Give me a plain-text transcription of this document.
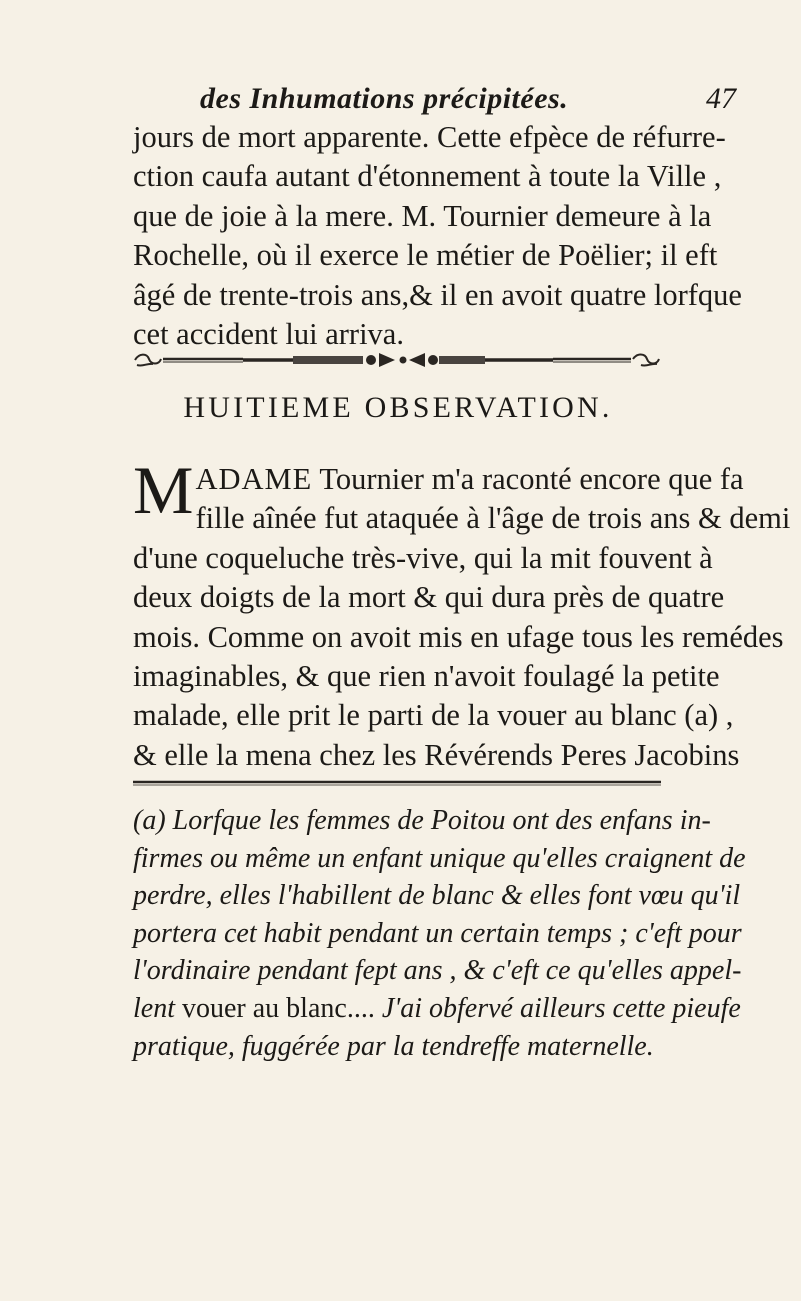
des Inhumations précipitées.	47
jours de mort apparente. Cette efpèce de réfurre-
ction caufa autant d'étonnement à toute la Ville ,
que de joie à la mere. M. Tournier demeure à la
Rochelle, où il exerce le métier de Poëlier; il eft
âgé de trente-trois ans,& il en avoit quatre lorfque
cet accident lui arriva.
HUITIEME OBSERVATION.
M ADAME Tournier m'a raconté encore que fa
fille aînée fut ataquée à l'âge de trois ans & demi
d'une coqueluche très-vive, qui la mit fouvent à
deux doigts de la mort & qui dura près de quatre
mois. Comme on avoit mis en ufage tous les remédes
imaginables, & que rien n'avoit foulagé la petite
malade, elle prit le parti de la vouer au blanc (a) ,
& elle la mena chez les Révérends Peres Jacobins
(a) Lorfque les femmes de Poitou ont des enfans in-
firmes ou même un enfant unique qu'elles craignent de
perdre, elles l'habillent de blanc & elles font vœu qu'il
portera cet habit pendant un certain temps ; c'eft pour
l'ordinaire pendant fept ans , & c'eft ce qu'elles appel-
lent vouer au blanc.... J'ai obfervé ailleurs cette pieufe
pratique, fuggérée par la tendreffe maternelle.
